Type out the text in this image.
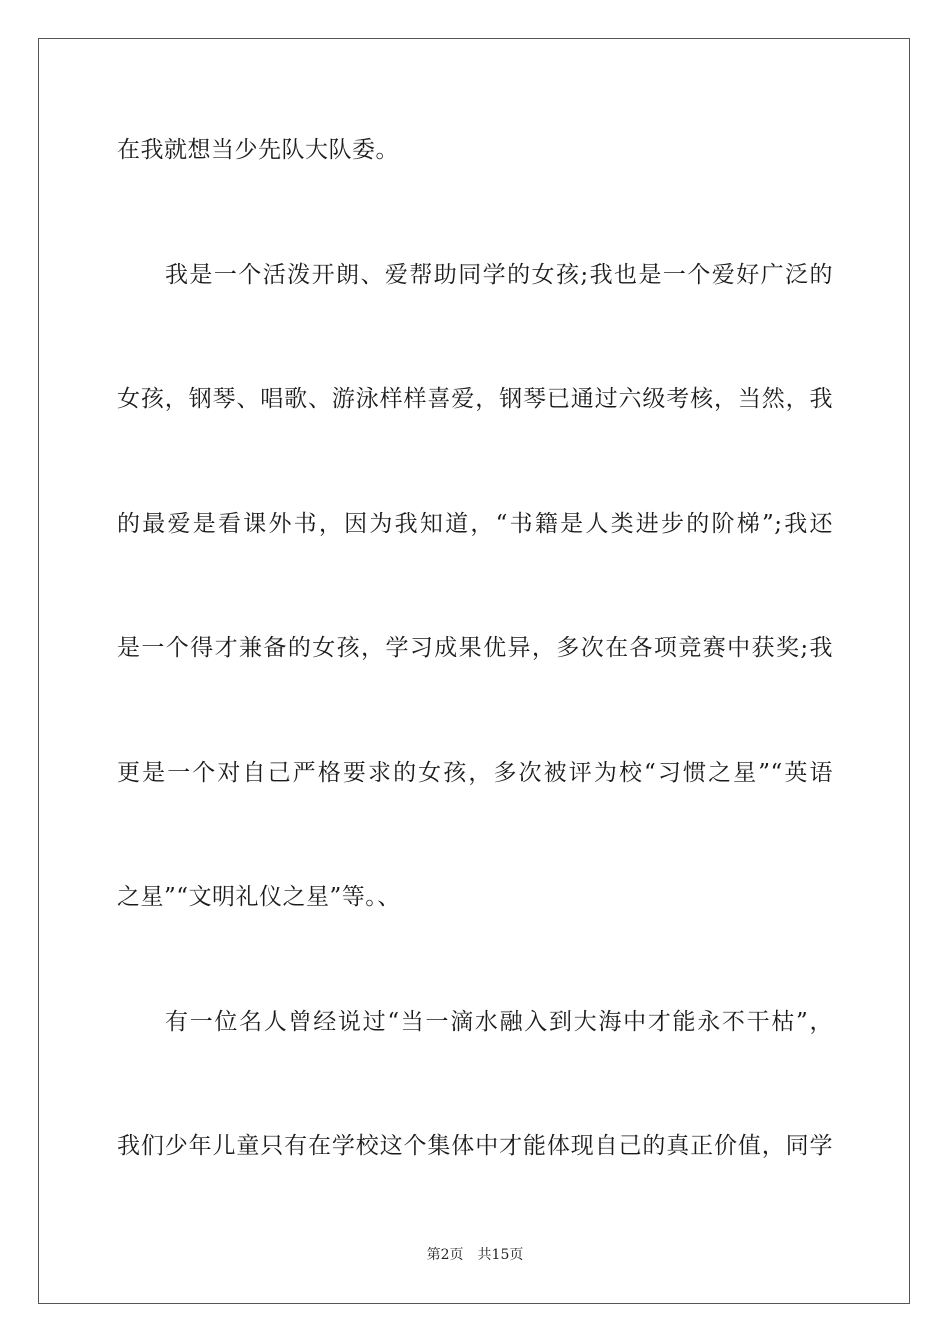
在我就想当少先队大队委。
我是一个活泼开朗、爱帮助同学的女孩;我也是一个爱好广泛的
女孩，钢琴、唱歌、游泳样样喜爱，钢琴已通过六级考核，当然，我
的最爱是看课外书，因为我知道，“书籍是人类进步的阶梯”;我还
是一个得才兼备的女孩，学习成果优异，多次在各项竞赛中获奖;我
更是一个对自己严格要求的女孩，多次被评为校“习惯之星”“英语
之星”“文明礼仪之星”等。、
有一位名人曾经说过“当一滴水融入到大海中才能永不干枯”，
我们少年儿童只有在学校这个集体中才能体现自己的真正价值，同学
第2页 共15页
